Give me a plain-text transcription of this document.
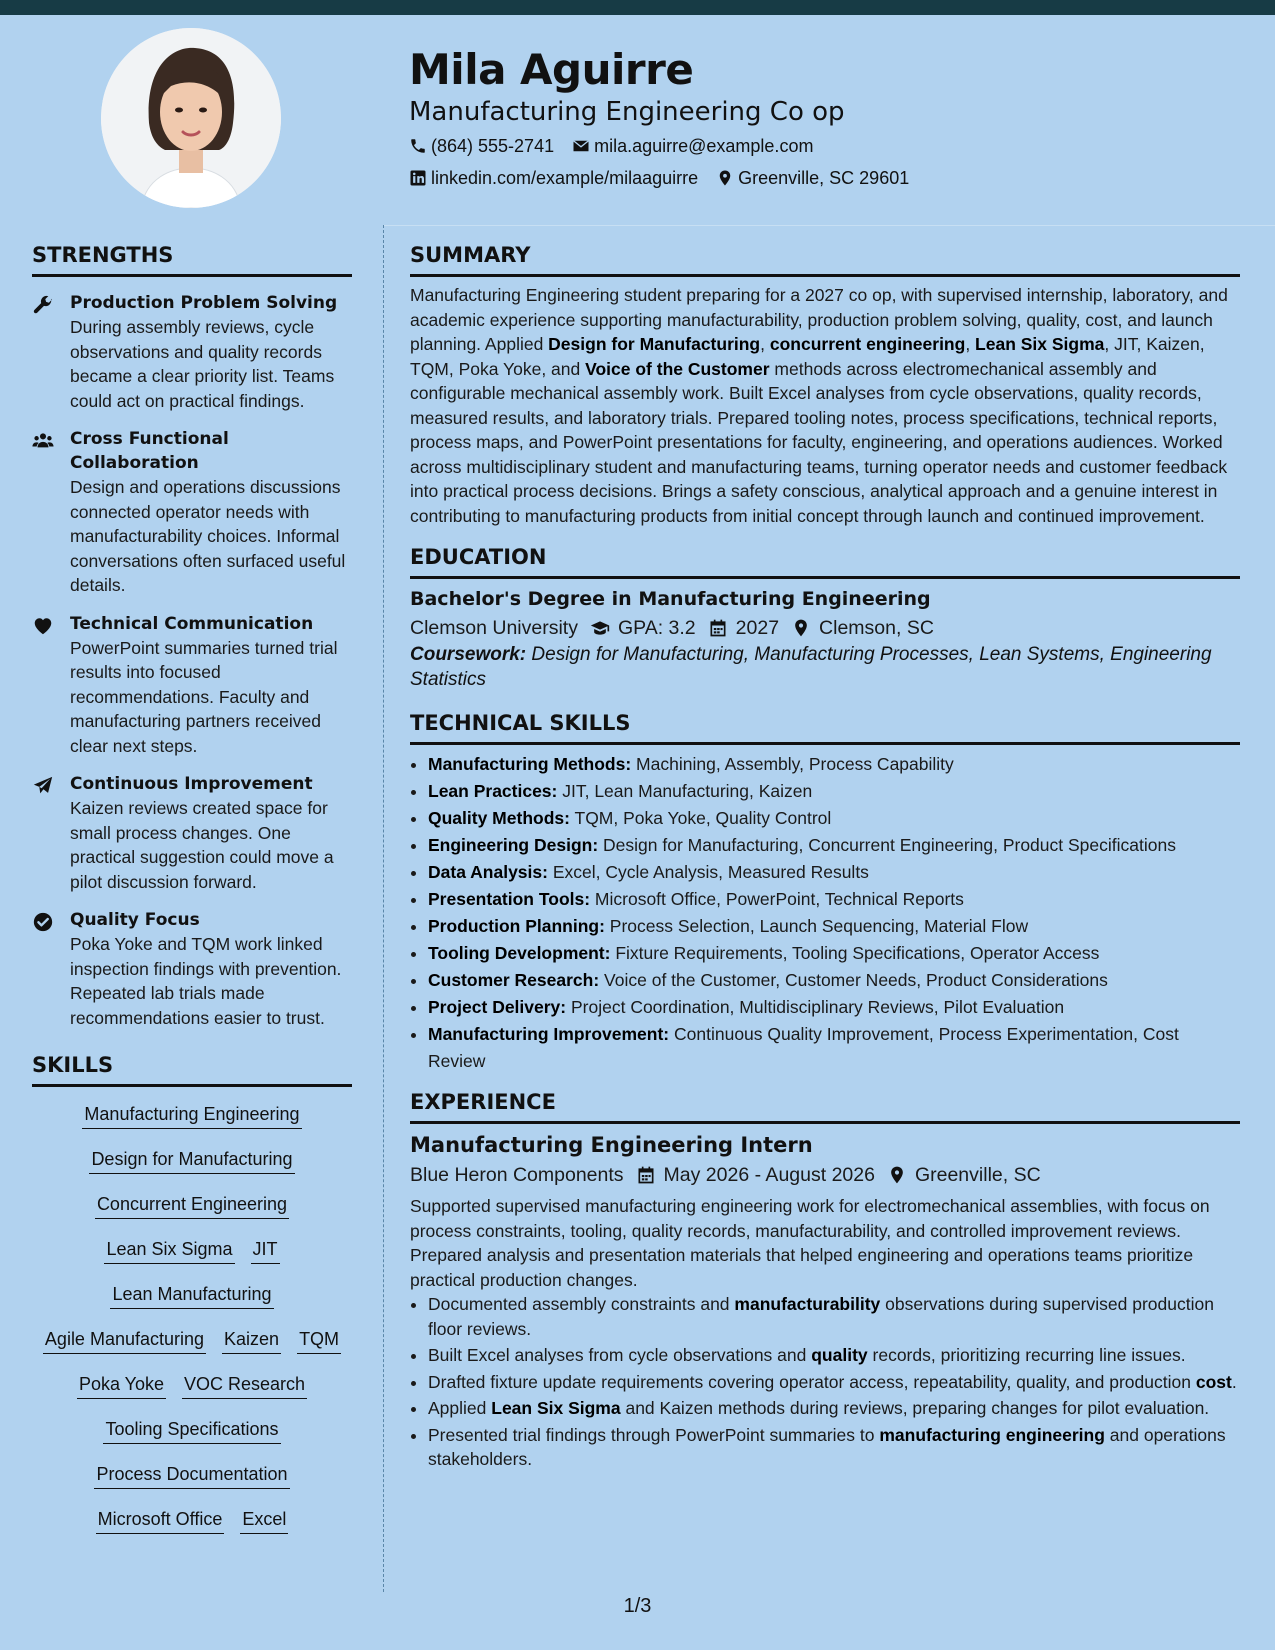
Mila Aguirre
Manufacturing Engineering Co op
(864) 555-2741 mila.aguirre@example.com
linkedin.com/example/milaaguirre Greenville, SC 29601
STRENGTHS
Production Problem Solving
During assembly reviews, cycle observations and quality records became a clear priority list. Teams could act on practical findings.
Cross Functional Collaboration
Design and operations discussions connected operator needs with manufacturability choices. Informal conversations often surfaced useful details.
Technical Communication
PowerPoint summaries turned trial results into focused recommendations. Faculty and manufacturing partners received clear next steps.
Continuous Improvement
Kaizen reviews created space for small process changes. One practical suggestion could move a pilot discussion forward.
Quality Focus
Poka Yoke and TQM work linked inspection findings with prevention. Repeated lab trials made recommendations easier to trust.
SKILLS
Manufacturing Engineering
Design for Manufacturing
Concurrent Engineering
Lean Six Sigma JIT
Lean Manufacturing
Agile Manufacturing Kaizen TQM
Poka Yoke VOC Research
Tooling Specifications
Process Documentation
Microsoft Office Excel
SUMMARY
Manufacturing Engineering student preparing for a 2027 co op, with supervised internship, laboratory, and academic experience supporting manufacturability, production problem solving, quality, cost, and launch planning. Applied Design for Manufacturing, concurrent engineering, Lean Six Sigma, JIT, Kaizen, TQM, Poka Yoke, and Voice of the Customer methods across electromechanical assembly and configurable mechanical assembly work. Built Excel analyses from cycle observations, quality records, measured results, and laboratory trials. Prepared tooling notes, process specifications, technical reports, process maps, and PowerPoint presentations for faculty, engineering, and operations audiences. Worked across multidisciplinary student and manufacturing teams, turning operator needs and customer feedback into practical process decisions. Brings a safety conscious, analytical approach and a genuine interest in contributing to manufacturing products from initial concept through launch and continued improvement.
EDUCATION
Bachelor's Degree in Manufacturing Engineering
Clemson University GPA: 3.2 2027 Clemson, SC
Coursework: Design for Manufacturing, Manufacturing Processes, Lean Systems, Engineering Statistics
TECHNICAL SKILLS
• Manufacturing Methods: Machining, Assembly, Process Capability
• Lean Practices: JIT, Lean Manufacturing, Kaizen
• Quality Methods: TQM, Poka Yoke, Quality Control
• Engineering Design: Design for Manufacturing, Concurrent Engineering, Product Specifications
• Data Analysis: Excel, Cycle Analysis, Measured Results
• Presentation Tools: Microsoft Office, PowerPoint, Technical Reports
• Production Planning: Process Selection, Launch Sequencing, Material Flow
• Tooling Development: Fixture Requirements, Tooling Specifications, Operator Access
• Customer Research: Voice of the Customer, Customer Needs, Product Considerations
• Project Delivery: Project Coordination, Multidisciplinary Reviews, Pilot Evaluation
• Manufacturing Improvement: Continuous Quality Improvement, Process Experimentation, Cost Review
EXPERIENCE
Manufacturing Engineering Intern
Blue Heron Components May 2026 - August 2026 Greenville, SC
Supported supervised manufacturing engineering work for electromechanical assemblies, with focus on process constraints, tooling, quality records, manufacturability, and controlled improvement reviews. Prepared analysis and presentation materials that helped engineering and operations teams prioritize practical production changes.
• Documented assembly constraints and manufacturability observations during supervised production floor reviews.
• Built Excel analyses from cycle observations and quality records, prioritizing recurring line issues.
• Drafted fixture update requirements covering operator access, repeatability, quality, and production cost.
• Applied Lean Six Sigma and Kaizen methods during reviews, preparing changes for pilot evaluation.
• Presented trial findings through PowerPoint summaries to manufacturing engineering and operations stakeholders.
1/3
